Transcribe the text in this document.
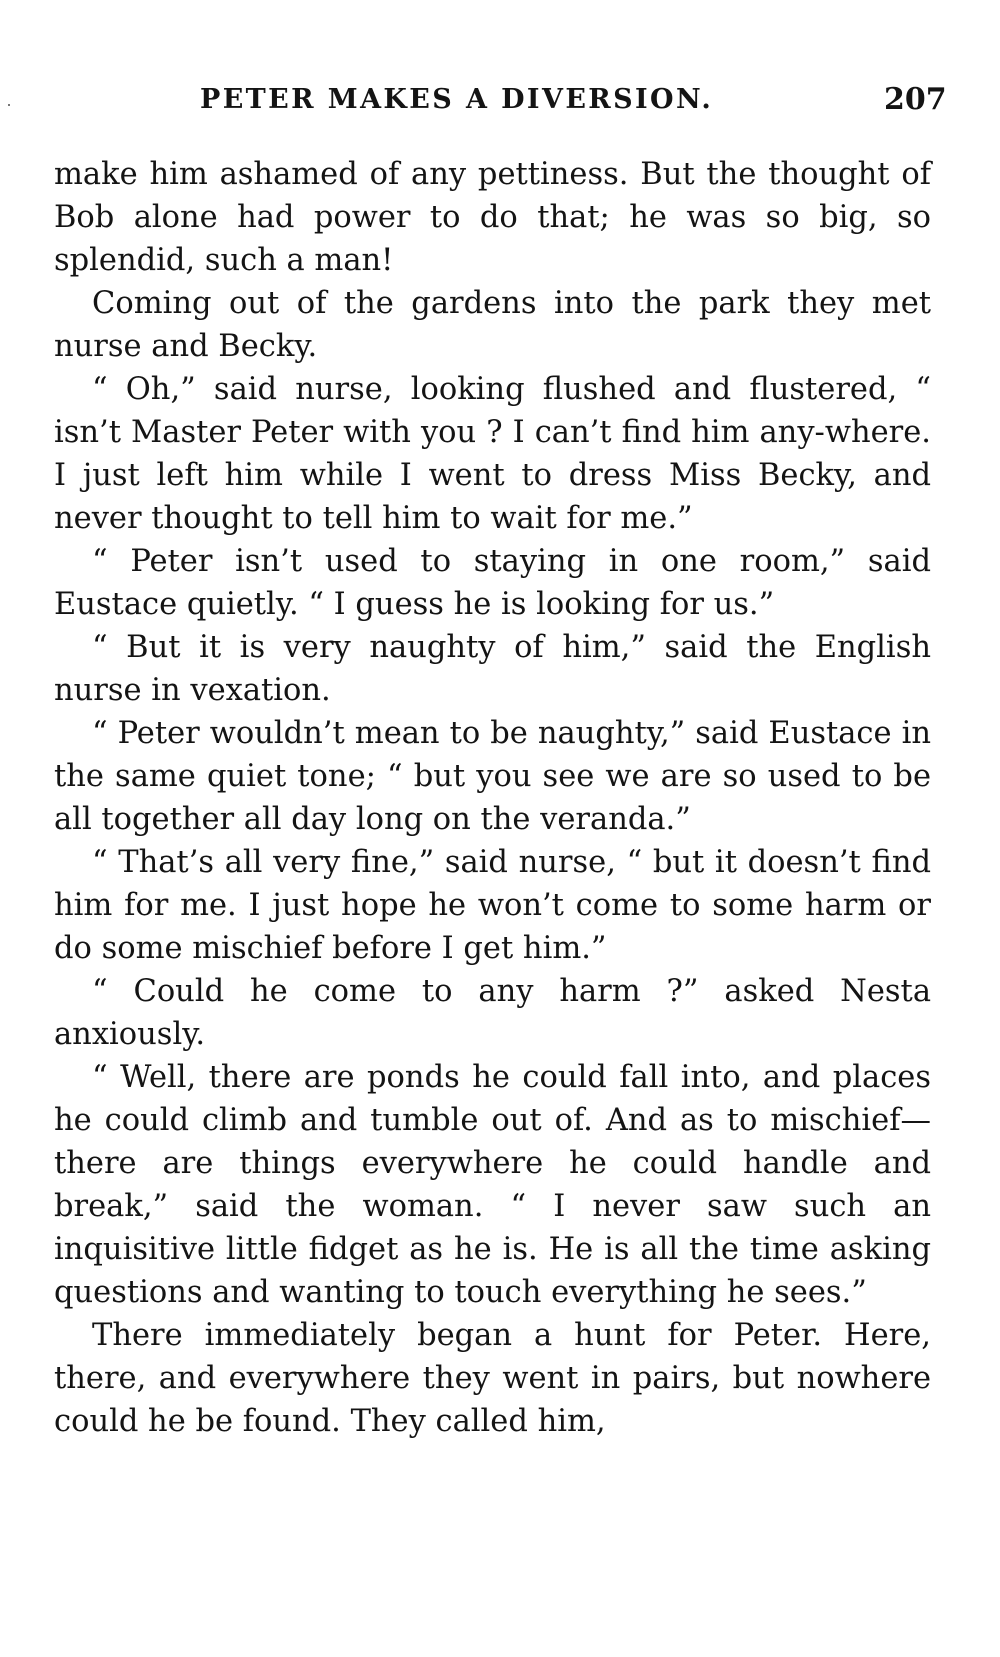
PETER MAKES A DIVERSION.	207

make him ashamed of any pettiness. But the thought of Bob alone had power to do that; he was so big, so splendid, such a man!

Coming out of the gardens into the park they met nurse and Becky.

“ Oh,” said nurse, looking flushed and flustered, “ isn’t Master Peter with you ? I can’t find him any-where. I just left him while I went to dress Miss Becky, and never thought to tell him to wait for me.”

“ Peter isn’t used to staying in one room,” said Eustace quietly. “ I guess he is looking for us.”

“ But it is very naughty of him,” said the English nurse in vexation.

“ Peter wouldn’t mean to be naughty,” said Eustace in the same quiet tone; “ but you see we are so used to be all together all day long on the veranda.”

“ That’s all very fine,” said nurse, “ but it doesn’t find him for me. I just hope he won’t come to some harm or do some mischief before I get him.”

“ Could he come to any harm ?” asked Nesta anxiously.

“ Well, there are ponds he could fall into, and places he could climb and tumble out of. And as to mischief—there are things everywhere he could handle and break,” said the woman. “ I never saw such an inquisitive little fidget as he is. He is all the time asking questions and wanting to touch everything he sees.”

There immediately began a hunt for Peter. Here, there, and everywhere they went in pairs, but nowhere could he be found. They called him,
